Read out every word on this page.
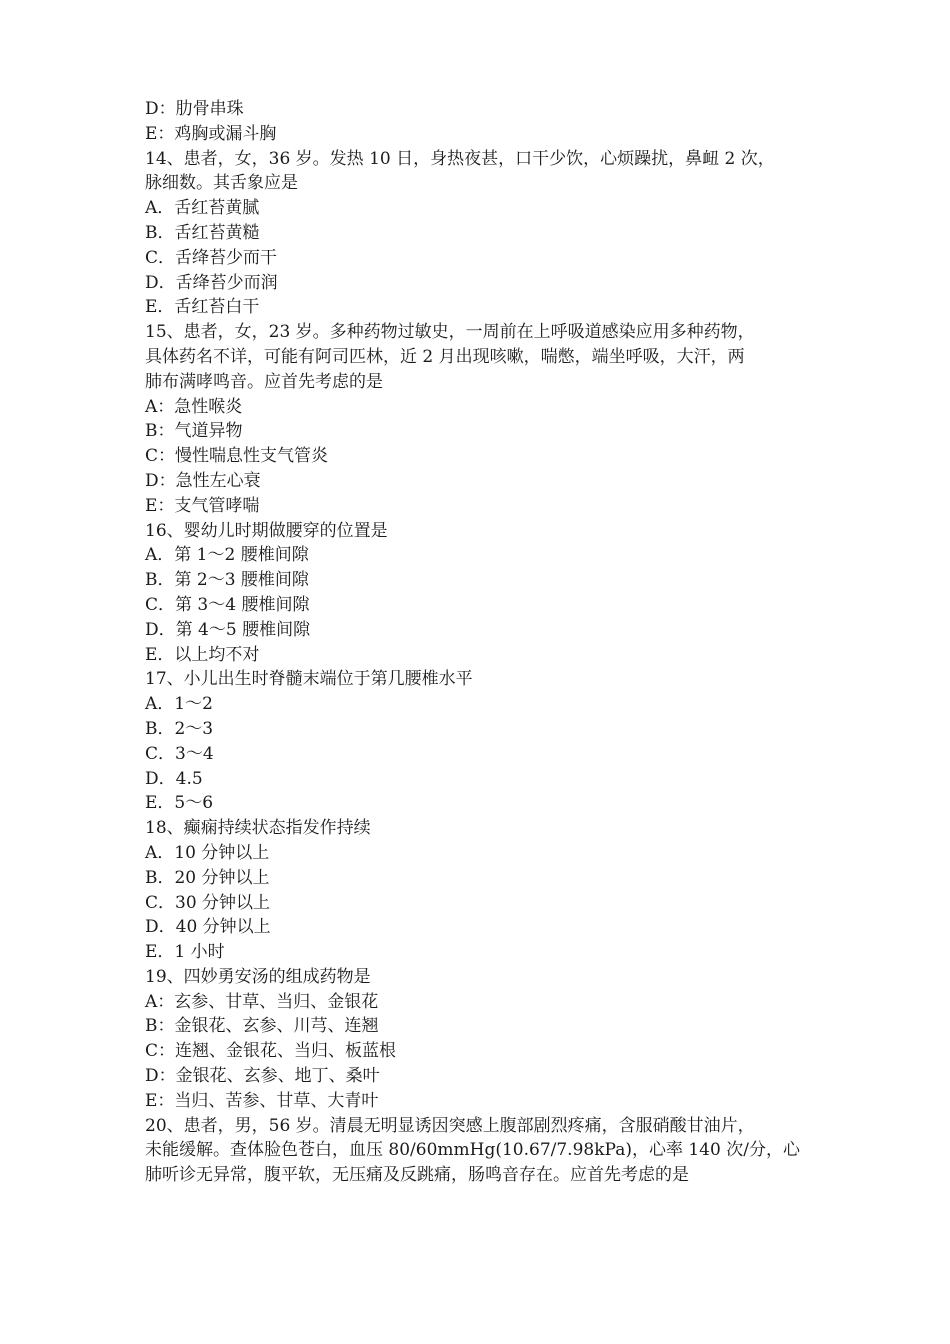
D：肋骨串珠
E：鸡胸或漏斗胸
14、患者，女，36 岁。发热 10 日，身热夜甚，口干少饮，心烦躁扰，鼻衄 2 次，
脉细数。其舌象应是
A．舌红苔黄腻
B．舌红苔黄糙
C．舌绛苔少而干
D．舌绛苔少而润
E．舌红苔白干
15、患者，女，23 岁。多种药物过敏史，一周前在上呼吸道感染应用多种药物，
具体药名不详，可能有阿司匹林，近 2 月出现咳嗽，喘憋，端坐呼吸，大汗，两
肺布满哮鸣音。应首先考虑的是
A：急性喉炎
B：气道异物
C：慢性喘息性支气管炎
D：急性左心衰
E：支气管哮喘
16、婴幼儿时期做腰穿的位置是
A．第 1～2 腰椎间隙
B．第 2～3 腰椎间隙
C．第 3～4 腰椎间隙
D．第 4～5 腰椎间隙
E．以上均不对
17、小儿出生时脊髓末端位于第几腰椎水平
A．1～2
B．2～3
C．3～4
D．4.5
E．5～6
18、癫痫持续状态指发作持续
A．10 分钟以上
B．20 分钟以上
C．30 分钟以上
D．40 分钟以上
E．1 小时
19、四妙勇安汤的组成药物是
A：玄参、甘草、当归、金银花
B：金银花、玄参、川芎、连翘
C：连翘、金银花、当归、板蓝根
D：金银花、玄参、地丁、桑叶
E：当归、苦参、甘草、大青叶
20、患者，男，56 岁。清晨无明显诱因突感上腹部剧烈疼痛，含服硝酸甘油片，
未能缓解。查体脸色苍白，血压 80/60mmHg(10.67/7.98kPa)，心率 140 次/分，心
肺听诊无异常，腹平软，无压痛及反跳痛，肠鸣音存在。应首先考虑的是
